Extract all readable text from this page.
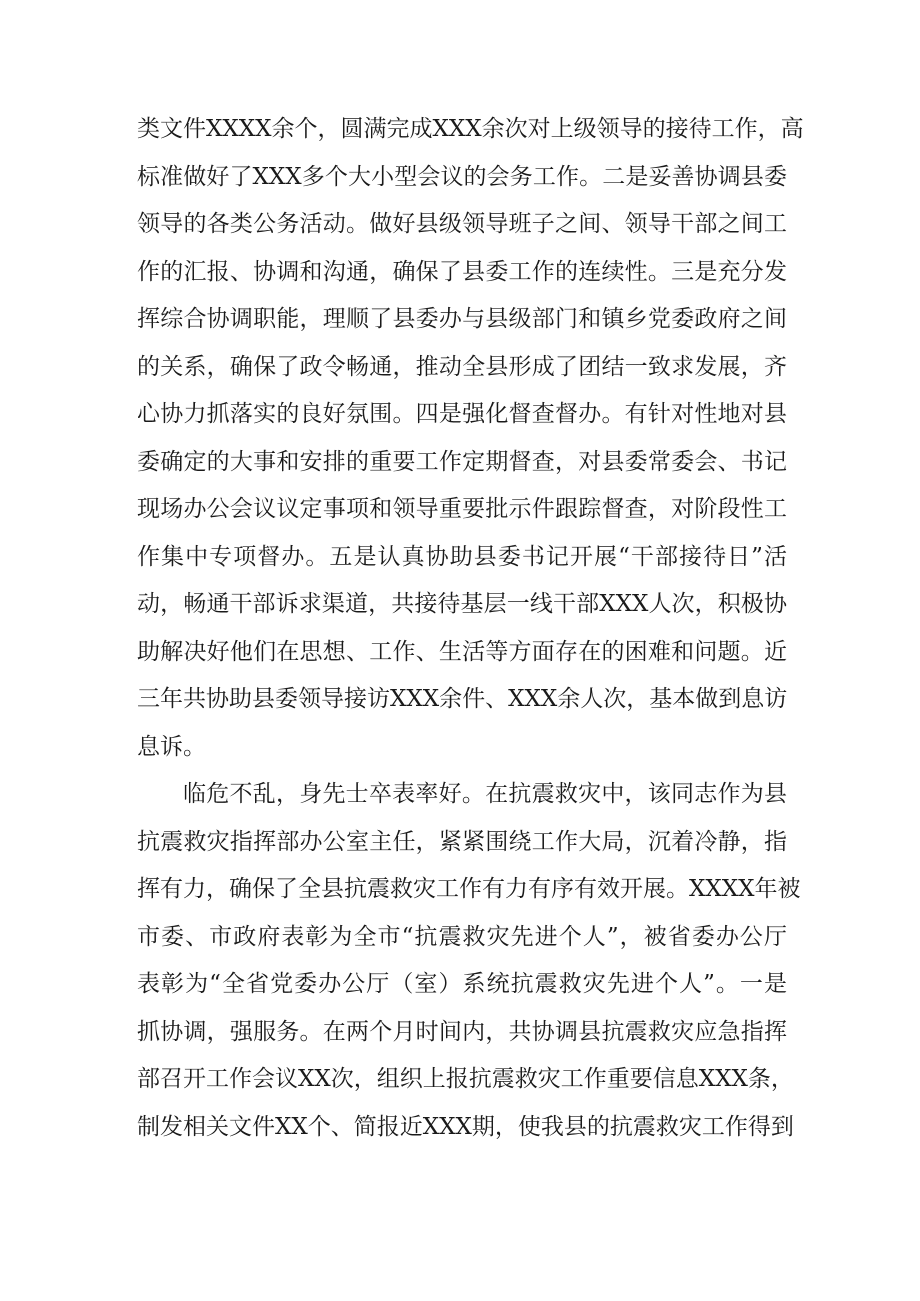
类文件XXXX余个，圆满完成XXX余次对上级领导的接待工作，高
标准做好了XXX多个大小型会议的会务工作。二是妥善协调县委
领导的各类公务活动。做好县级领导班子之间、领导干部之间工
作的汇报、协调和沟通，确保了县委工作的连续性。三是充分发
挥综合协调职能，理顺了县委办与县级部门和镇乡党委政府之间
的关系，确保了政令畅通，推动全县形成了团结一致求发展，齐
心协力抓落实的良好氛围。四是强化督查督办。有针对性地对县
委确定的大事和安排的重要工作定期督查，对县委常委会、书记
现场办公会议议定事项和领导重要批示件跟踪督查，对阶段性工
作集中专项督办。五是认真协助县委书记开展“干部接待日”活
动，畅通干部诉求渠道，共接待基层一线干部XXX人次，积极协
助解决好他们在思想、工作、生活等方面存在的困难和问题。近
三年共协助县委领导接访XXX余件、XXX余人次，基本做到息访
息诉。
临危不乱，身先士卒表率好。在抗震救灾中，该同志作为县
抗震救灾指挥部办公室主任，紧紧围绕工作大局，沉着冷静，指
挥有力，确保了全县抗震救灾工作有力有序有效开展。XXXX年被
市委、市政府表彰为全市“抗震救灾先进个人”，被省委办公厅
表彰为“全省党委办公厅（室）系统抗震救灾先进个人”。一是
抓协调，强服务。在两个月时间内，共协调县抗震救灾应急指挥
部召开工作会议XX次，组织上报抗震救灾工作重要信息XXX条，
制发相关文件XX个、简报近XXX期，使我县的抗震救灾工作得到
